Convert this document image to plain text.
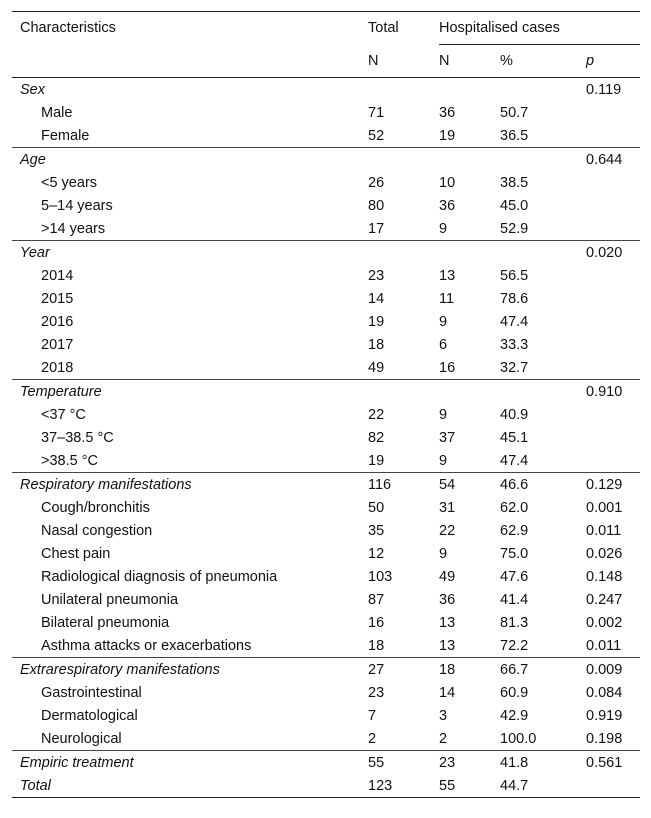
Characteristics	Total	Hospitalised cases		
	N	N	%	p
Sex				0.119
Male	71	36	50.7	
Female	52	19	36.5	
Age				0.644
<5 years	26	10	38.5	
5–14 years	80	36	45.0	
>14 years	17	9	52.9	
Year				0.020
2014	23	13	56.5	
2015	14	11	78.6	
2016	19	9	47.4	
2017	18	6	33.3	
2018	49	16	32.7	
Temperature				0.910
<37 °C	22	9	40.9	
37–38.5 °C	82	37	45.1	
>38.5 °C	19	9	47.4	
Respiratory manifestations	116	54	46.6	0.129
Cough/bronchitis	50	31	62.0	0.001
Nasal congestion	35	22	62.9	0.011
Chest pain	12	9	75.0	0.026
Radiological diagnosis of pneumonia	103	49	47.6	0.148
Unilateral pneumonia	87	36	41.4	0.247
Bilateral pneumonia	16	13	81.3	0.002
Asthma attacks or exacerbations	18	13	72.2	0.011
Extrarespiratory manifestations	27	18	66.7	0.009
Gastrointestinal	23	14	60.9	0.084
Dermatological	7	3	42.9	0.919
Neurological	2	2	100.0	0.198
Empiric treatment	55	23	41.8	0.561
Total	123	55	44.7	
